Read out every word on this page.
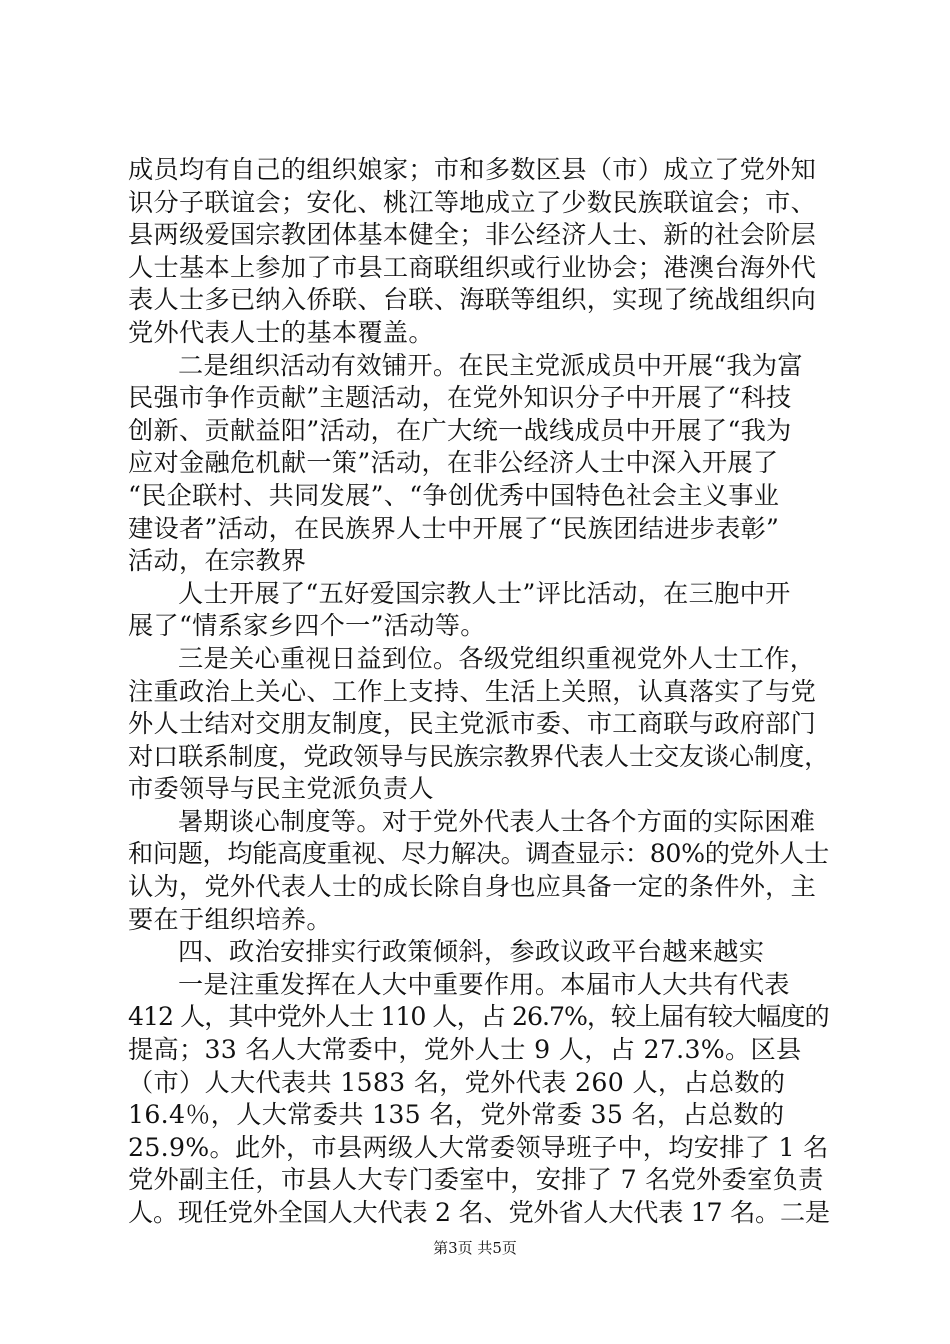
成员均有自己的组织娘家；市和多数区县（市）成立了党外知
识分子联谊会；安化、桃江等地成立了少数民族联谊会；市、
县两级爱国宗教团体基本健全；非公经济人士、新的社会阶层
人士基本上参加了市县工商联组织或行业协会；港澳台海外代
表人士多已纳入侨联、台联、海联等组织，实现了统战组织向
党外代表人士的基本覆盖。
二是组织活动有效铺开。在民主党派成员中开展“我为富
民强市争作贡献”主题活动，在党外知识分子中开展了“科技
创新、贡献益阳”活动，在广大统一战线成员中开展了“我为
应对金融危机献一策”活动，在非公经济人士中深入开展了
“民企联村、共同发展”、“争创优秀中国特色社会主义事业
建设者”活动，在民族界人士中开展了“民族团结进步表彰”
活动，在宗教界
人士开展了“五好爱国宗教人士”评比活动，在三胞中开
展了“情系家乡四个一”活动等。
三是关心重视日益到位。各级党组织重视党外人士工作，
注重政治上关心、工作上支持、生活上关照，认真落实了与党
外人士结对交朋友制度，民主党派市委、市工商联与政府部门
对口联系制度，党政领导与民族宗教界代表人士交友谈心制度，
市委领导与民主党派负责人
暑期谈心制度等。对于党外代表人士各个方面的实际困难
和问题，均能高度重视、尽力解决。调查显示：80%的党外人士
认为，党外代表人士的成长除自身也应具备一定的条件外，主
要在于组织培养。
四、政治安排实行政策倾斜，参政议政平台越来越实
一是注重发挥在人大中重要作用。本届市人大共有代表
412 人，其中党外人士 110 人，占 26.7%，较上届有较大幅度的
提高；33 名人大常委中，党外人士 9 人，占 27.3%。区县
（市）人大代表共 1583 名，党外代表 260 人，占总数的
16.4％，人大常委共 135 名，党外常委 35 名，占总数的
25.9%。此外，市县两级人大常委领导班子中，均安排了 1 名
党外副主任，市县人大专门委室中，安排了 7 名党外委室负责
人。现任党外全国人大代表 2 名、党外省人大代表 17 名。二是
第3页 共5页
